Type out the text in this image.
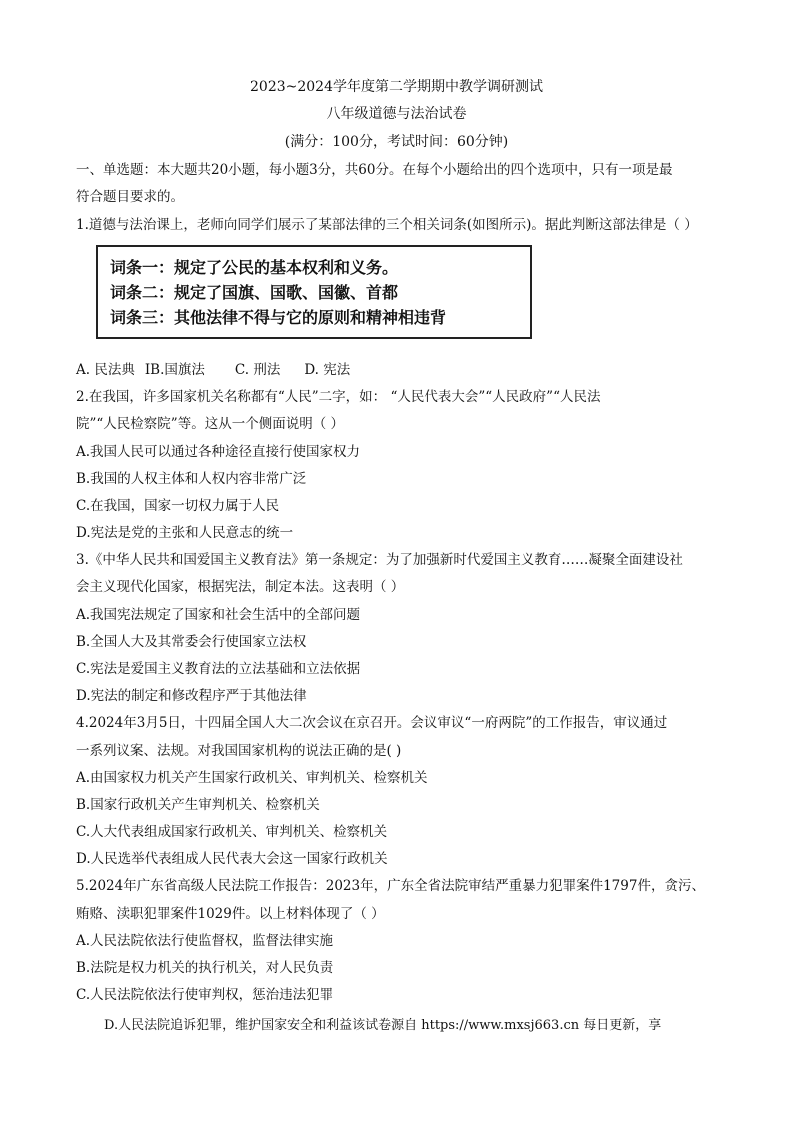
2023~2024学年度第二学期期中教学调研测试
八年级道德与法治试卷
(满分：100分，考试时间：60分钟)
一、单选题：本大题共20小题，每小题3分，共60分。在每个小题给出的四个选项中，只有一项是最
符合题目要求的。
1.道德与法治课上，老师向同学们展示了某部法律的三个相关词条(如图所示)。据此判断这部法律是（ ）
词条一：规定了公民的基本权利和义务。
词条二：规定了国旗、国歌、国徽、首都
词条三：其他法律不得与它的原则和精神相违背
A. 民法典 IB.国旗法 C. 刑法 D. 宪法
2.在我国，许多国家机关名称都有“人民”二字，如： “人民代表大会”“人民政府”“人民法
院”“人民检察院”等。这从一个侧面说明（ ）
A.我国人民可以通过各种途径直接行使国家权力
B.我国的人权主体和人权内容非常广泛
C.在我国，国家一切权力属于人民
D.宪法是党的主张和人民意志的统一
3.《中华人民共和国爱国主义教育法》第一条规定：为了加强新时代爱国主义教育……凝聚全面建设社
会主义现代化国家，根据宪法，制定本法。这表明（ ）
A.我国宪法规定了国家和社会生活中的全部问题
B.全国人大及其常委会行使国家立法权
C.宪法是爱国主义教育法的立法基础和立法依据
D.宪法的制定和修改程序严于其他法律
4.2024年3月5日，十四届全国人大二次会议在京召开。会议审议“一府两院”的工作报告，审议通过
一系列议案、法规。对我国国家机构的说法正确的是( )
A.由国家权力机关产生国家行政机关、审判机关、检察机关
B.国家行政机关产生审判机关、检察机关
C.人大代表组成国家行政机关、审判机关、检察机关
D.人民选举代表组成人民代表大会这一国家行政机关
5.2024年广东省高级人民法院工作报告：2023年，广东全省法院审结严重暴力犯罪案件1797件，贪污、
贿赂、渎职犯罪案件1029件。以上材料体现了（ ）
A.人民法院依法行使监督权，监督法律实施
B.法院是权力机关的执行机关，对人民负责
C.人民法院依法行使审判权，惩治违法犯罪
D.人民法院追诉犯罪，维护国家安全和利益该试卷源自 https://www.mxsj663.cn 每日更新，享
